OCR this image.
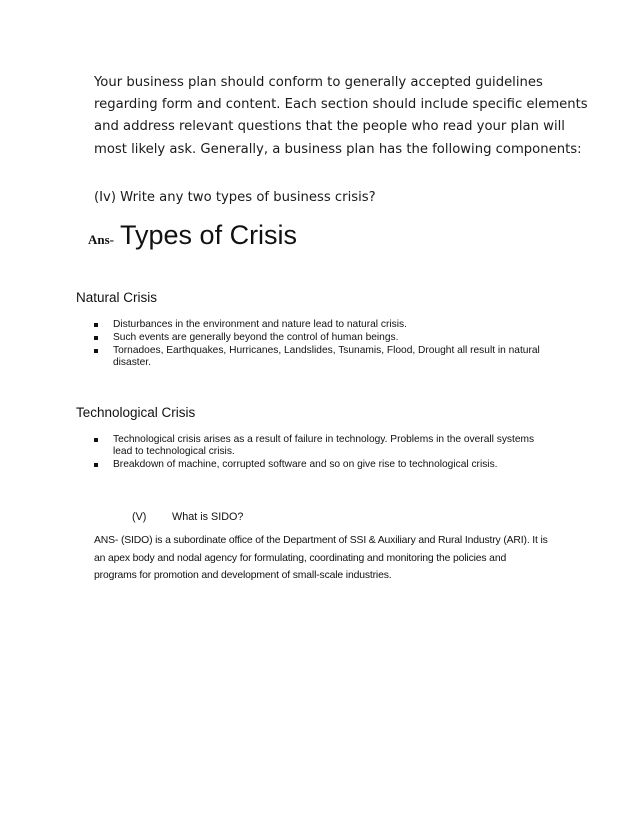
Your business plan should conform to generally accepted guidelines
regarding form and content. Each section should include specific elements
and address relevant questions that the people who read your plan will
most likely ask. Generally, a business plan has the following components:
(Iv) Write any two types of business crisis?
Ans- Types of Crisis
Natural Crisis
Disturbances in the environment and nature lead to natural crisis.
Such events are generally beyond the control of human beings.
Tornadoes, Earthquakes, Hurricanes, Landslides, Tsunamis, Flood, Drought all result in natural
disaster.
Technological Crisis
Technological crisis arises as a result of failure in technology. Problems in the overall systems
lead to technological crisis.
Breakdown of machine, corrupted software and so on give rise to technological crisis.
(V) What is SIDO?
ANS- (SIDO) is a subordinate office of the Department of SSI & Auxiliary and Rural Industry (ARI). It is
an apex body and nodal agency for formulating, coordinating and monitoring the policies and
programs for promotion and development of small-scale industries.
